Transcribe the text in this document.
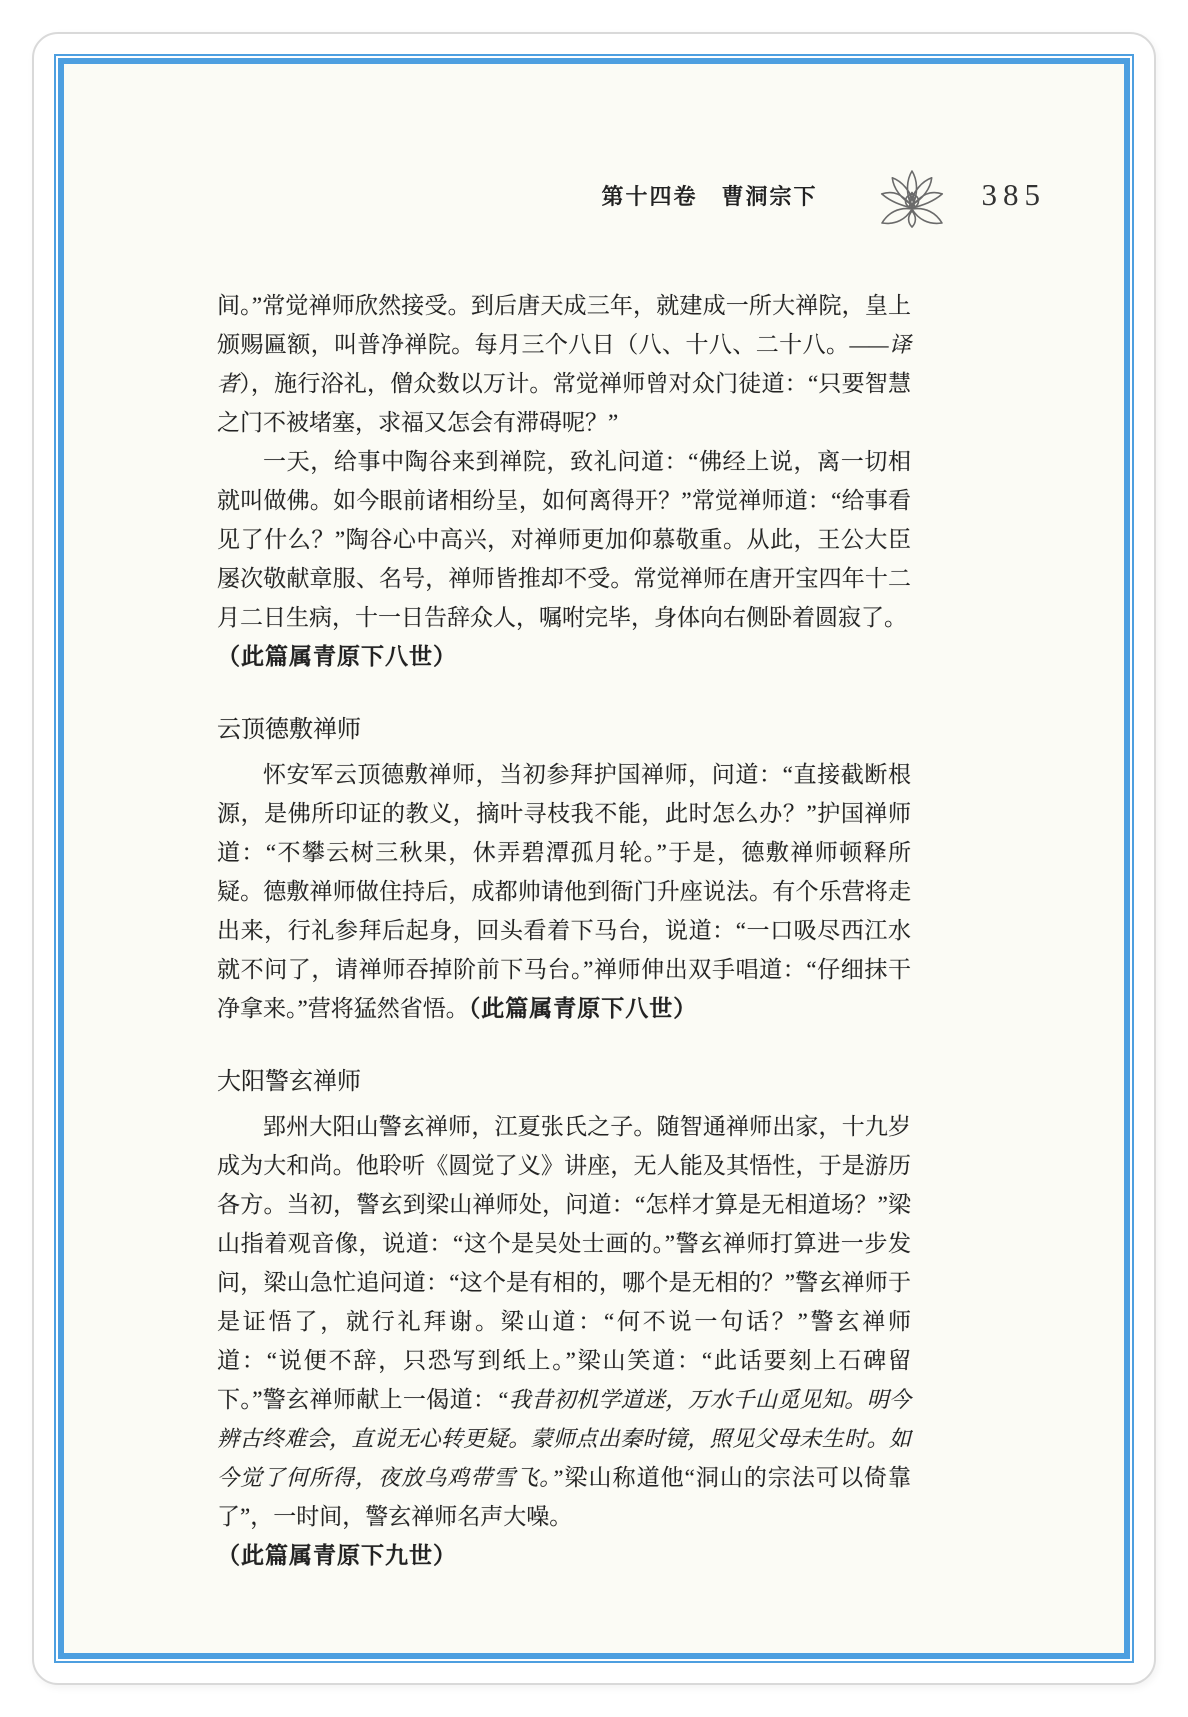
第十四卷 曹洞宗下	385

间。”常觉禅师欣然接受。到后唐天成三年，就建成一所大禅院，皇上颁赐匾额，叫普净禅院。每月三个八日（八、十八、二十八。——译者），施行浴礼，僧众数以万计。常觉禅师曾对众门徒道：“只要智慧之门不被堵塞，求福又怎会有滞碍呢？”

一天，给事中陶谷来到禅院，致礼问道：“佛经上说，离一切相就叫做佛。如今眼前诸相纷呈，如何离得开？”常觉禅师道：“给事看见了什么？”陶谷心中高兴，对禅师更加仰慕敬重。从此，王公大臣屡次敬献章服、名号，禅师皆推却不受。常觉禅师在唐开宝四年十二月二日生病，十一日告辞众人，嘱咐完毕，身体向右侧卧着圆寂了。

（此篇属青原下八世）

云顶德敷禅师

怀安军云顶德敷禅师，当初参拜护国禅师，问道：“直接截断根源，是佛所印证的教义，摘叶寻枝我不能，此时怎么办？”护国禅师道：“不攀云树三秋果，休弄碧潭孤月轮。”于是，德敷禅师顿释所疑。德敷禅师做住持后，成都帅请他到衙门升座说法。有个乐营将走出来，行礼参拜后起身，回头看着下马台，说道：“一口吸尽西江水就不问了，请禅师吞掉阶前下马台。”禅师伸出双手唱道：“仔细抹干净拿来。”营将猛然省悟。（此篇属青原下八世）

大阳警玄禅师

郢州大阳山警玄禅师，江夏张氏之子。随智通禅师出家，十九岁成为大和尚。他聆听《圆觉了义》讲座，无人能及其悟性，于是游历各方。当初，警玄到梁山禅师处，问道：“怎样才算是无相道场？”梁山指着观音像，说道：“这个是吴处士画的。”警玄禅师打算进一步发问，梁山急忙追问道：“这个是有相的，哪个是无相的？”警玄禅师于是证悟了，就行礼拜谢。梁山道：“何不说一句话？”警玄禅师道：“说便不辞，只恐写到纸上。”梁山笑道：“此话要刻上石碑留下。”警玄禅师献上一偈道：“我昔初机学道迷，万水千山觅见知。明今辨古终难会，直说无心转更疑。蒙师点出秦时镜，照见父母未生时。如今觉了何所得，夜放乌鸡带雪飞。”梁山称道他“洞山的宗法可以倚靠了”，一时间，警玄禅师名声大噪。

（此篇属青原下九世）
